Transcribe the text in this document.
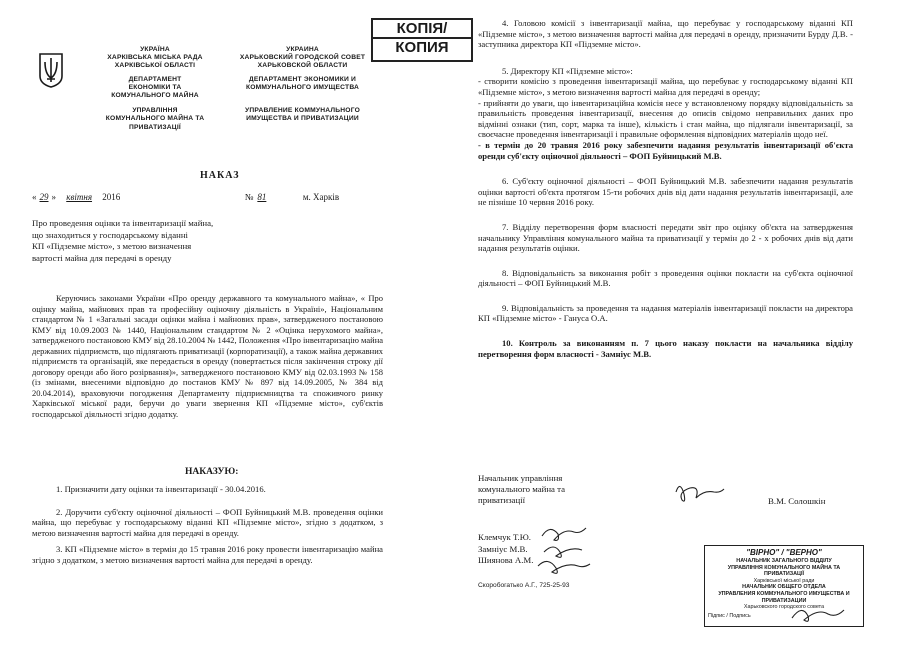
УКРАЇНА
ХАРКІВСЬКА МІСЬКА РАДА
ХАРКІВСЬКОЇ ОБЛАСТІ
ДЕПАРТАМЕНТ
ЕКОНОМІКИ ТА
КОМУНАЛЬНОГО МАЙНА
УПРАВЛІННЯ
КОМУНАЛЬНОГО МАЙНА ТА
ПРИВАТИЗАЦІЇ
УКРАИНА
ХАРЬКОВСКИЙ ГОРОДСКОЙ СОВЕТ
ХАРЬКОВСКОЙ ОБЛАСТИ
ДЕПАРТАМЕНТ ЭКОНОМИКИ И
КОММУНАЛЬНОГО ИМУЩЕСТВА
УПРАВЛЕНИЕ КОММУНАЛЬНОГО
ИМУЩЕСТВА И ПРИВАТИЗАЦИИ
КОПІЯ/
КОПИЯ
НАКАЗ
« 29 » квітня 2016	№ 81	м. Харків
Про проведення оцінки та інвентаризації майна,
що знаходиться у господарському віданні
КП «Підземне місто», з метою визначення
вартості майна для передачі в оренду
Керуючись законами України «Про оренду державного та комунального майна», « Про оцінку майна, майнових прав та професійну оціночну діяльність в Україні», Національним стандартом № 1 «Загальні засади оцінки майна і майнових прав», затвердженого постановою КМУ від 10.09.2003 № 1440, Національним стандартом № 2 «Оцінка нерухомого майна», затвердженого постановою КМУ від 28.10.2004 № 1442, Положення «Про інвентаризацію майна державних підприємств, що підлягають приватизації (корпоратизації), а також майна державних підприємств та організацій, яке передається в оренду (повертається після закінчення строку дії договору оренди або його розірвання)», затвердженого постановою КМУ від 02.03.1993 № 158 (із змінами, внесеними відповідно до постанов КМУ № 897 від 14.09.2005, № 384 від 20.04.2014), враховуючи погодження Департаменту підприємництва та споживчого ринку Харківської міської ради, беручи до уваги звернення КП «Підземне місто», суб'єктів господарської діяльності згідно додатку.
НАКАЗУЮ:
1. Призначити дату оцінки та інвентаризації - 30.04.2016.
2. Доручити суб'єкту оціночної діяльності – ФОП Буйницький М.В. проведення оцінки майна, що перебуває у господарському віданні КП «Підземне місто», згідно з додатком, з метою визначення вартості майна для передачі в оренду.
3. КП «Підземне місто» в термін до 15 травня 2016 року провести інвентаризацію майна згідно з додатком, з метою визначення вартості майна для передачі в оренду.
4. Головою комісії з інвентаризації майна, що перебуває у господарському віданні КП «Підземне місто», з метою визначення вартості майна для передачі в оренду, призначити Бурду Д.В. - заступника директора КП «Підземне місто».
5. Директору КП «Підземне місто»:
- створити комісію з проведення інвентаризації майна, що перебуває у господарському віданні КП «Підземне місто», з метою визначення вартості майна для передачі в оренду;
- прийняти до уваги, що інвентаризаційна комісія несе у встановленому порядку відповідальність за правильність проведення інвентаризації, внесення до описів свідомо неправильних даних про відмінні ознаки (тип, сорт, марка та інше), кількість і стан майна, що підлягали інвентаризації, за своєчасне проведення інвентаризації і правильне оформлення відповідних матеріалів щодо неї.
- в термін до 20 травня 2016 року забезпечити надання результатів інвентаризації об'єкта оренди суб'єкту оціночної діяльності – ФОП Буйницький М.В.
6. Суб'єкту оціночної діяльності – ФОП Буйницький М.В. забезпечити надання результатів оцінки вартості об'єкта протягом 15-ти робочих днів від дати надання результатів інвентаризації, але не пізніше 10 червня 2016 року.
7. Відділу перетворення форм власності передати звіт про оцінку об'єкта на затвердження начальнику Управління комунального майна та приватизації у термін до 2 - х робочих днів від дати надання результатів оцінки.
8. Відповідальність за виконання робіт з проведення оцінки покласти на суб'єкта оціночної діяльності – ФОП Буйницький М.В.
9. Відповідальність за проведення та надання матеріалів інвентаризації покласти на директора КП «Підземне місто» - Гануса О.А.
10. Контроль за виконанням п. 7 цього наказу покласти на начальника відділу перетворення форм власності - Замніус М.В.
Начальник управління
комунального майна та
приватизації	В.М. Солошкін
Клемчук Т.Ю.
Замніус М.В.
Шиянова А.М.
Скоробогатько А.Г., 725-25-93
"ВІРНО" / "ВЕРНО"
НАЧАЛЬНИК ЗАГАЛЬНОГО ВІДДІЛУ
УПРАВЛІННЯ КОМУНАЛЬНОГО МАЙНА ТА ПРИВАТИЗАЦІЇ
Харківської міської ради
НАЧАЛЬНИК ОБЩЕГО ОТДЕЛА
УПРАВЛЕНИЯ КОММУНАЛЬНОГО ИМУЩЕСТВА И ПРИВАТИЗАЦИИ
Харьковского городского совета
Підпис / Подпись
